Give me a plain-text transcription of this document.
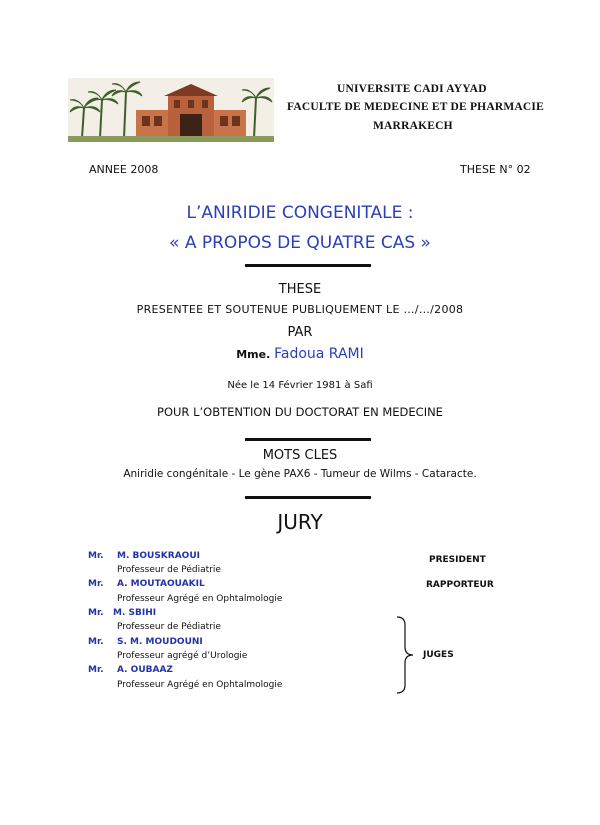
UNIVERSITE CADI AYYAD
FACULTE DE MEDECINE ET DE PHARMACIE
MARRAKECH
ANNEE 2008	THESE N° 02
L’ANIRIDIE CONGENITALE :
« A PROPOS DE QUATRE CAS »
THESE
PRESENTEE ET SOUTENUE PUBLIQUEMENT LE …/…/2008
PAR
Mme. Fadoua RAMI
Née le 14 Février 1981 à Safi
POUR L’OBTENTION DU DOCTORAT EN MEDECINE
MOTS CLES
Aniridie congénitale - Le gène PAX6 - Tumeur de Wilms - Cataracte.
JURY
Mr. M. BOUSKRAOUI
Professeur de Pédiatrie
Mr. A. MOUTAOUAKIL
Professeur Agrégé en Ophtalmologie
Mr. M. SBIHI
Professeur de Pédiatrie
Mr. S. M. MOUDOUNI
Professeur agrégé d’Urologie
Mr. A. OUBAAZ
Professeur Agrégé en Ophtalmologie
PRESIDENT
RAPPORTEUR
JUGES
